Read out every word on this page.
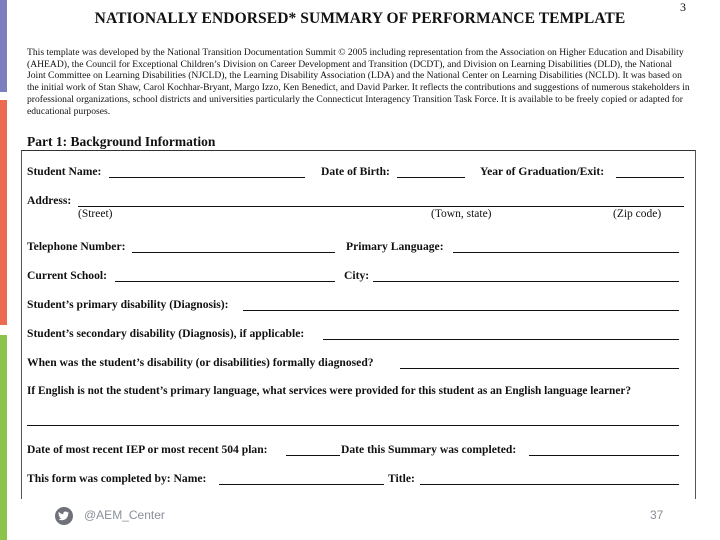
3
NATIONALLY ENDORSED* SUMMARY OF PERFORMANCE TEMPLATE
This template was developed by the National Transition Documentation Summit © 2005 including representation from the Association on Higher Education and Disability (AHEAD), the Council for Exceptional Children’s Division on Career Development and Transition (DCDT), and Division on Learning Disabilities (DLD), the National Joint Committee on Learning Disabilities (NJCLD), the Learning Disability Association (LDA) and the National Center on Learning Disabilities (NCLD). It was based on the initial work of Stan Shaw, Carol Kochhar-Bryant, Margo Izzo, Ken Benedict, and David Parker. It reflects the contributions and suggestions of numerous stakeholders in professional organizations, school districts and universities particularly the Connecticut Interagency Transition Task Force. It is available to be freely copied or adapted for educational purposes.
Part 1: Background Information
Student Name:	Date of Birth:	Year of Graduation/Exit:
Address:
(Street)	(Town, state)	(Zip code)
Telephone Number:	Primary Language:
Current School:	City:
Student’s primary disability (Diagnosis):
Student’s secondary disability (Diagnosis), if applicable:
When was the student’s disability (or disabilities) formally diagnosed?
If English is not the student’s primary language, what services were provided for this student as an English language learner?
Date of most recent IEP or most recent 504 plan:	Date this Summary was completed:
This form was completed by: Name:	Title:
@AEM_Center	37
